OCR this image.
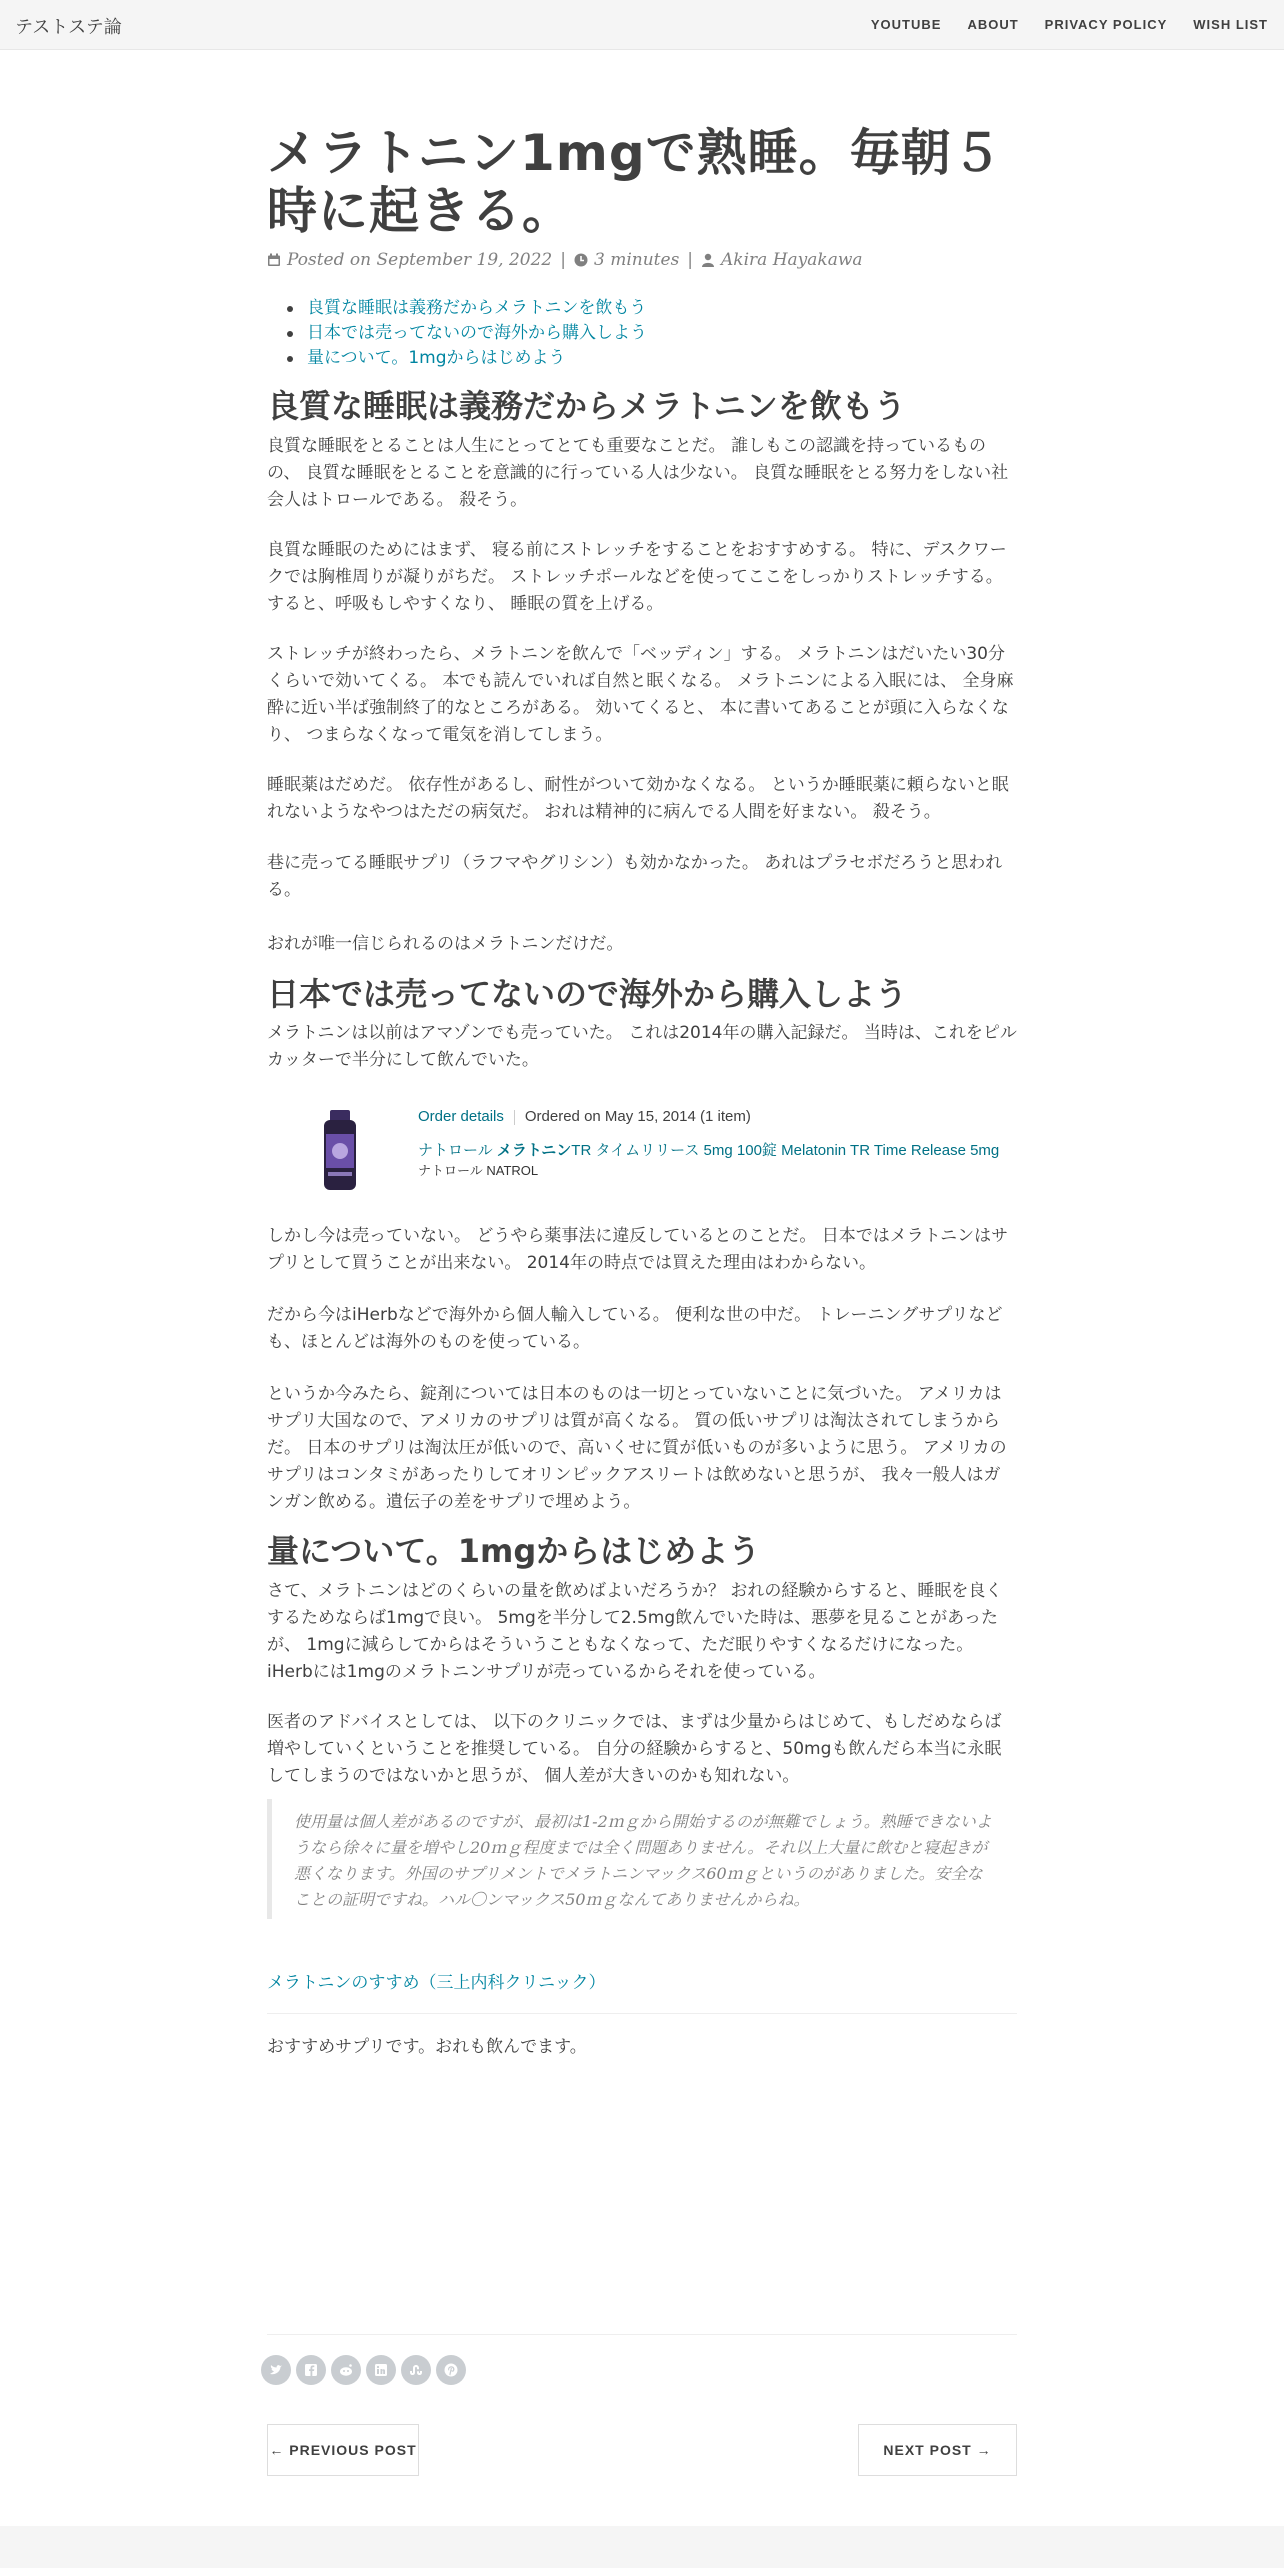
テストステ論	YOUTUBE ABOUT PRIVACY POLICY WISH LIST
メラトニン1mgで熟睡。毎朝５時に起きる。
Posted on September 19, 2022 | 3 minutes | Akira Hayakawa
良質な睡眠は義務だからメラトニンを飲もう
日本では売ってないので海外から購入しよう
量について。1mgからはじめよう
良質な睡眠は義務だからメラトニンを飲もう

良質な睡眠をとることは人生にとってとても重要なことだ。 誰しもこの認識を持っているものの、 良質な睡眠をとることを意識的に行っている人は少ない。 良質な睡眠をとる努力をしない社会人はトロールである。 殺そう。

良質な睡眠のためにはまず、 寝る前にストレッチをすることをおすすめする。 特に、デスクワークでは胸椎周りが凝りがちだ。 ストレッチポールなどを使ってここをしっかりストレッチする。 すると、呼吸もしやすくなり、 睡眠の質を上げる。

ストレッチが終わったら、メラトニンを飲んで「ベッディン」する。 メラトニンはだいたい30分くらいで効いてくる。 本でも読んでいれば自然と眠くなる。 メラトニンによる入眠には、 全身麻酔に近い半ば強制終了的なところがある。 効いてくると、 本に書いてあることが頭に入らなくなり、 つまらなくなって電気を消してしまう。

睡眠薬はだめだ。 依存性があるし、耐性がついて効かなくなる。 というか睡眠薬に頼らないと眠れないようなやつはただの病気だ。 おれは精神的に病んでる人間を好まない。 殺そう。

巷に売ってる睡眠サプリ（ラフマやグリシン）も効かなかった。 あれはプラセボだろうと思われる。

おれが唯一信じられるのはメラトニンだけだ。

日本では売ってないので海外から購入しよう

メラトニンは以前はアマゾンでも売っていた。 これは2014年の購入記録だ。 当時は、これをピルカッターで半分にして飲んでいた。

Order details Ordered on May 15, 2014 (1 item)
ナトロール メラトニンTR タイムリリース 5mg 100錠 Melatonin TR Time Release 5mg
ナトロール NATROL

しかし今は売っていない。 どうやら薬事法に違反しているとのことだ。 日本ではメラトニンはサプリとして買うことが出来ない。 2014年の時点では買えた理由はわからない。

だから今はiHerbなどで海外から個人輸入している。 便利な世の中だ。 トレーニングサプリなども、ほとんどは海外のものを使っている。

というか今みたら、錠剤については日本のものは一切とっていないことに気づいた。 アメリカはサプリ大国なので、アメリカのサプリは質が高くなる。 質の低いサプリは淘汰されてしまうからだ。 日本のサプリは淘汰圧が低いので、高いくせに質が低いものが多いように思う。 アメリカのサプリはコンタミがあったりしてオリンピックアスリートは飲めないと思うが、 我々一般人はガンガン飲める。遺伝子の差をサプリで埋めよう。

量について。1mgからはじめよう

さて、メラトニンはどのくらいの量を飲めばよいだろうか？ おれの経験からすると、睡眠を良くするためならば1mgで良い。 5mgを半分して2.5mg飲んでいた時は、悪夢を見ることがあったが、 1mgに減らしてからはそういうこともなくなって、ただ眠りやすくなるだけになった。 iHerbには1mgのメラトニンサプリが売っているからそれを使っている。

医者のアドバイスとしては、 以下のクリニックでは、まずは少量からはじめて、もしだめならば増やしていくということを推奨している。 自分の経験からすると、50mgも飲んだら本当に永眠してしまうのではないかと思うが、 個人差が大きいのかも知れない。

使用量は個人差があるのですが、最初は1-2ｍｇから開始するのが無難でしょう。熟睡できないようなら徐々に量を増やし20ｍｇ程度までは全く問題ありません。それ以上大量に飲むと寝起きが悪くなります。外国のサプリメントでメラトニンマックス60ｍｇというのがありました。安全なことの証明ですね。ハル〇ンマックス50ｍｇなんてありませんからね。
メラトニンのすすめ（三上内科クリニック）

おすすめサプリです。おれも飲んでます。

← PREVIOUS POST	NEXT POST →
